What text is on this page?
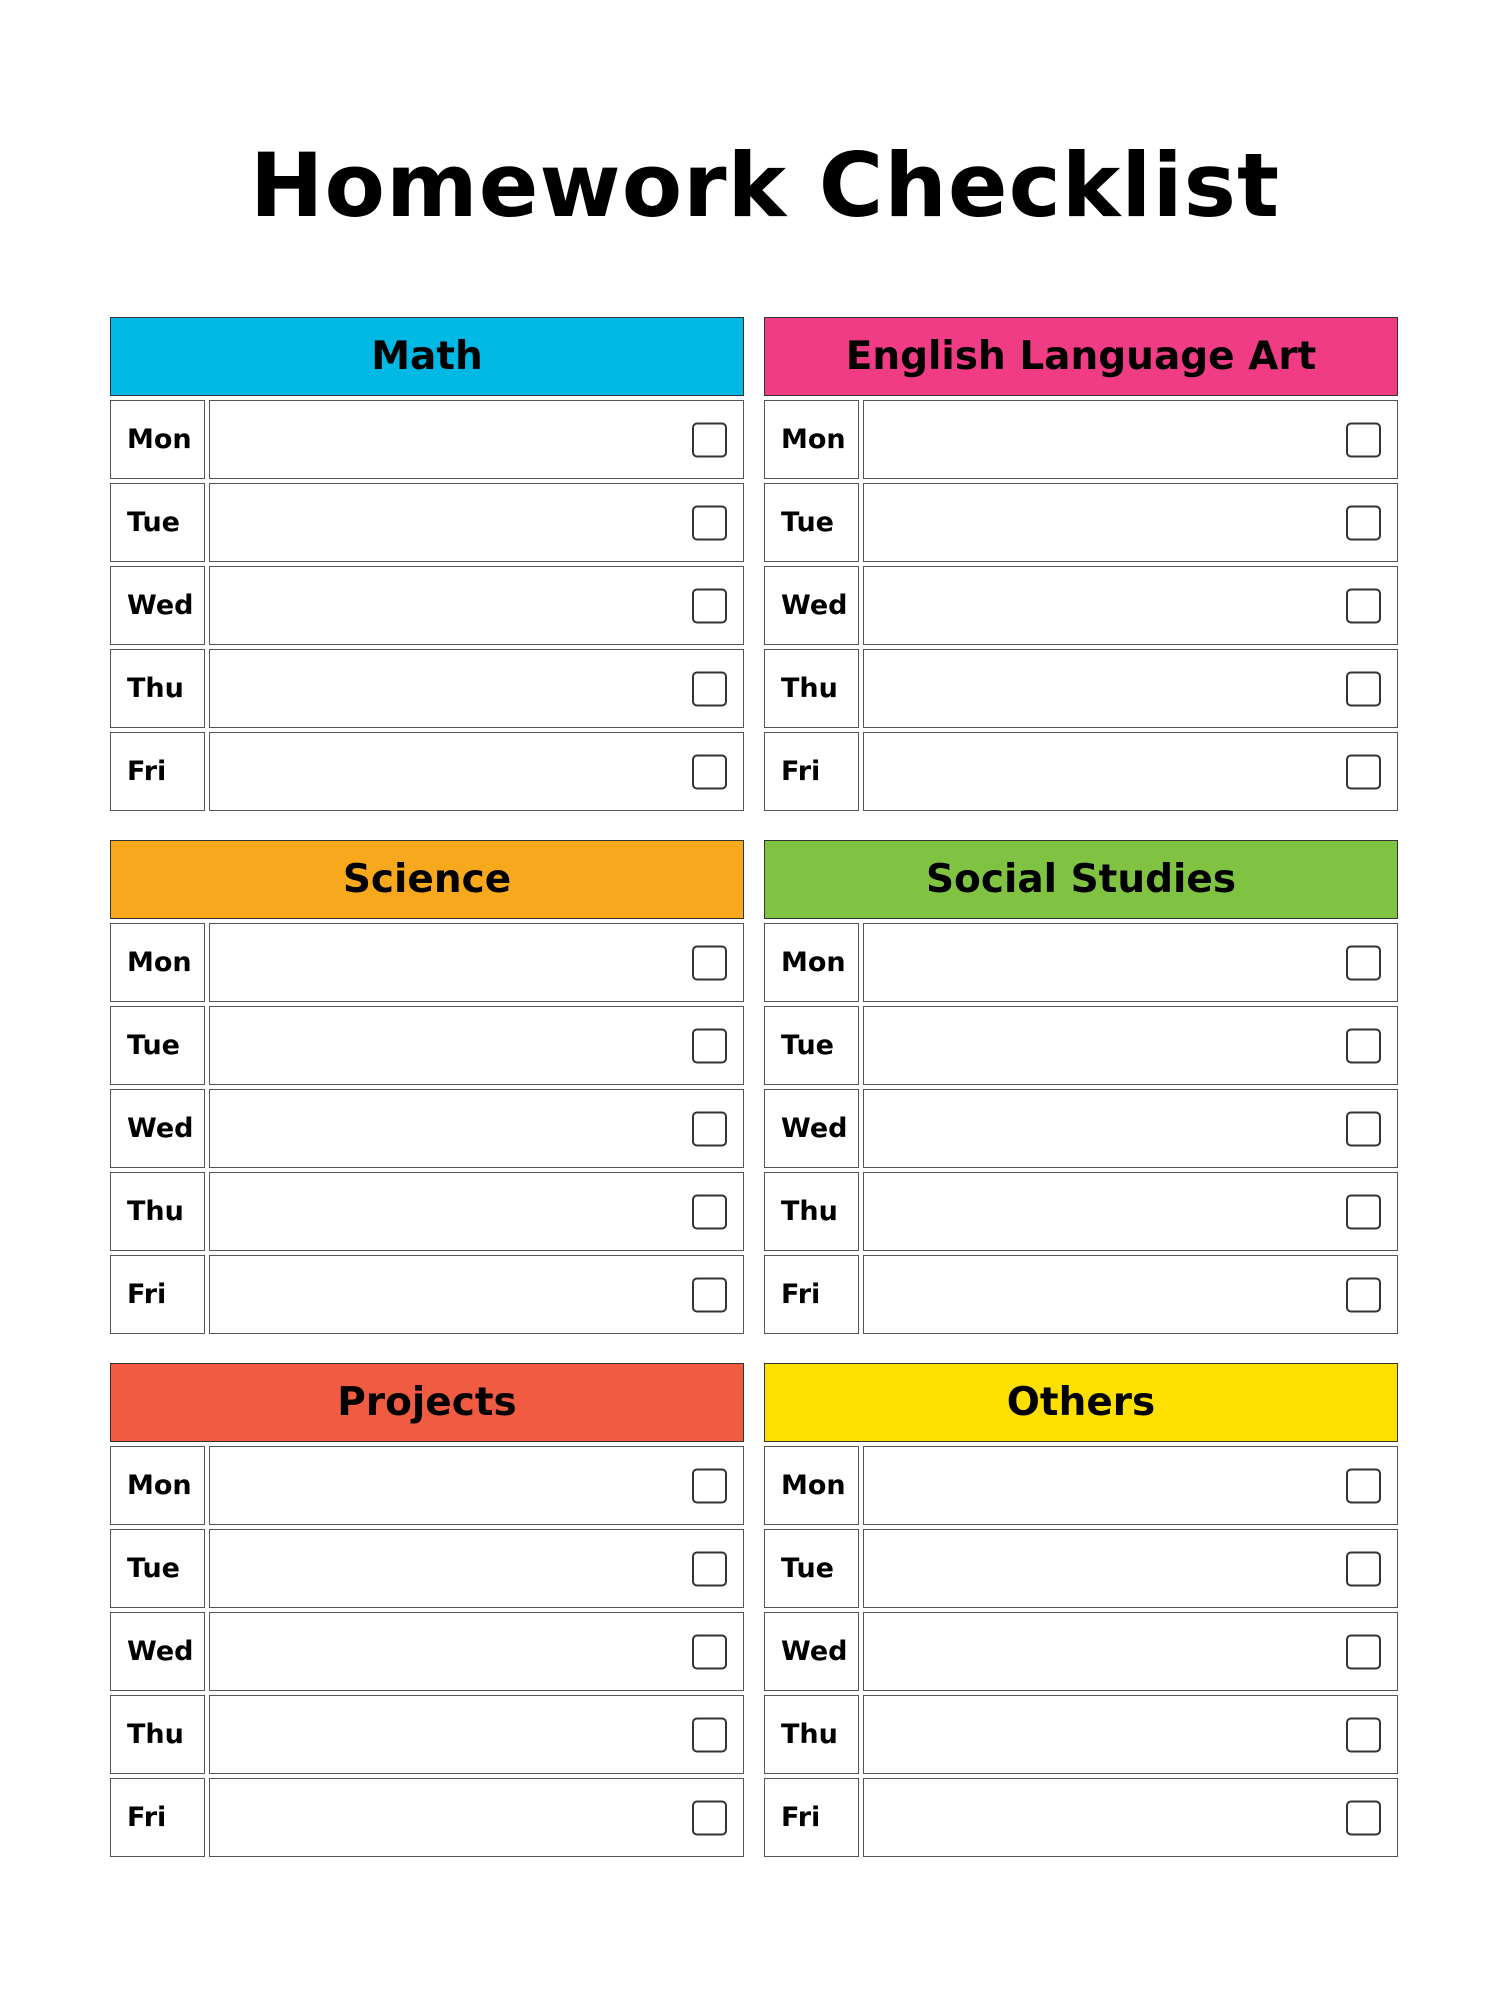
Homework Checklist
Math
Mon
Tue
Wed
Thu
Fri
English Language Art
Mon
Tue
Wed
Thu
Fri
Science
Mon
Tue
Wed
Thu
Fri
Social Studies
Mon
Tue
Wed
Thu
Fri
Projects
Mon
Tue
Wed
Thu
Fri
Others
Mon
Tue
Wed
Thu
Fri
